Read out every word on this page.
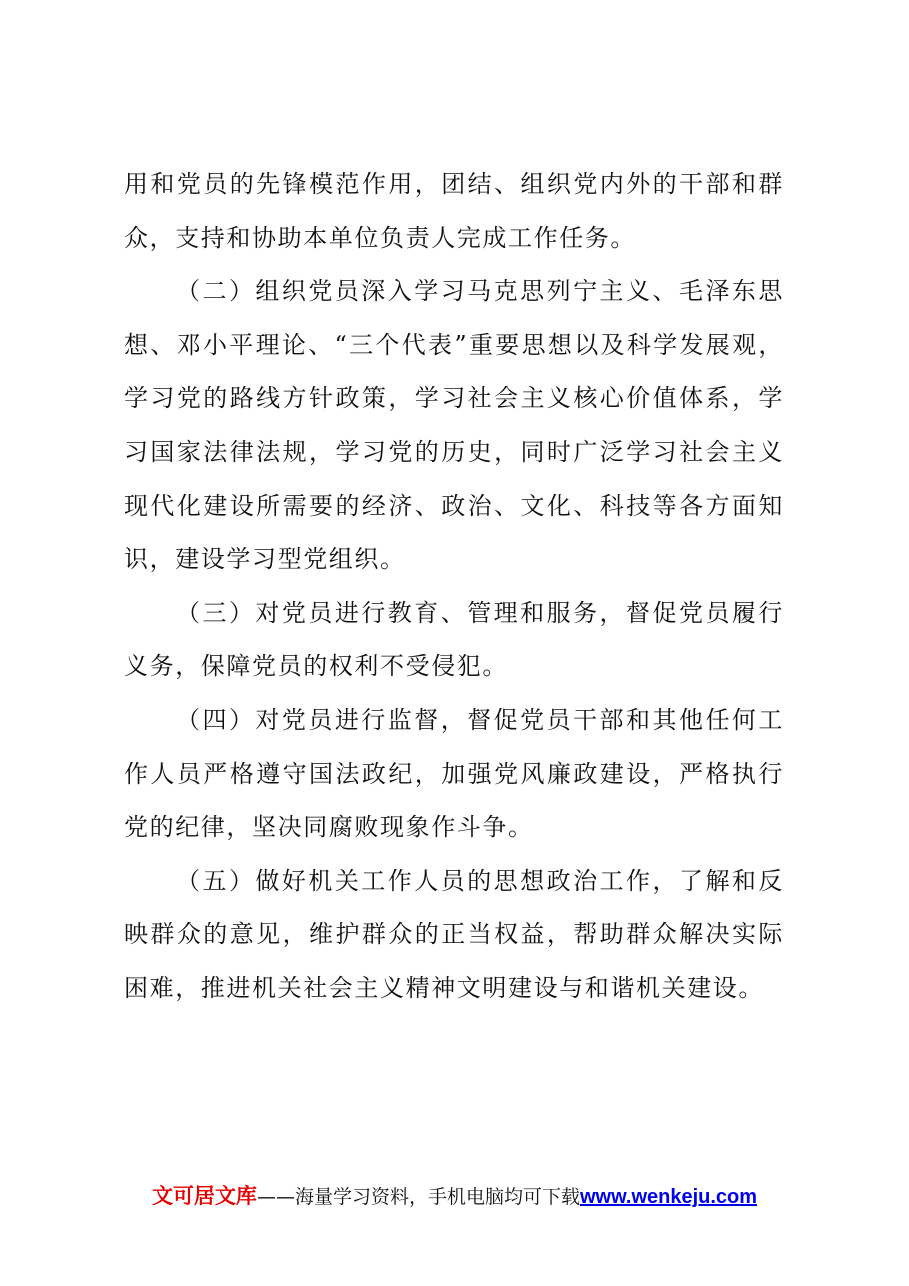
用和党员的先锋模范作用，团结、组织党内外的干部和群众，支持和协助本单位负责人完成工作任务。

（二）组织党员深入学习马克思列宁主义、毛泽东思想、邓小平理论、“三个代表”重要思想以及科学发展观，学习党的路线方针政策，学习社会主义核心价值体系，学习国家法律法规，学习党的历史，同时广泛学习社会主义现代化建设所需要的经济、政治、文化、科技等各方面知识，建设学习型党组织。

（三）对党员进行教育、管理和服务，督促党员履行义务，保障党员的权利不受侵犯。

（四）对党员进行监督，督促党员干部和其他任何工作人员严格遵守国法政纪，加强党风廉政建设，严格执行党的纪律，坚决同腐败现象作斗争。

（五）做好机关工作人员的思想政治工作，了解和反映群众的意见，维护群众的正当权益，帮助群众解决实际困难，推进机关社会主义精神文明建设与和谐机关建设。

文可居文库——海量学习资料，手机电脑均可下载www.wenkeju.com
